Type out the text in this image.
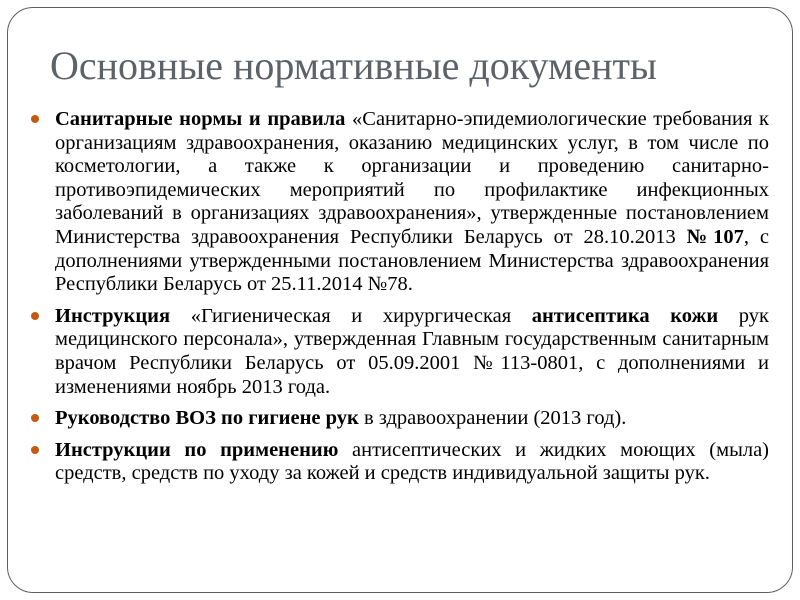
Основные нормативные документы
Санитарные нормы и правила «Санитарно-эпидемиологические требования к организациям здравоохранения, оказанию медицинских услуг, в том числе по косметологии, а также к организации и проведению санитарно-противоэпидемических мероприятий по профилактике инфекционных заболеваний в организациях здравоохранения», утвержденные постановлением Министерства здравоохранения Республики Беларусь от 28.10.2013 №107, с дополнениями утвержденными постановлением Министерства здравоохранения Республики Беларусь от 25.11.2014 №78.
Инструкция «Гигиеническая и хирургическая антисептика кожи рук медицинского персонала», утвержденная Главным государственным санитарным врачом Республики Беларусь от 05.09.2001 №113-0801, с дополнениями и изменениями ноябрь 2013 года.
Руководство ВОЗ по гигиене рук в здравоохранении (2013 год).
Инструкции по применению антисептических и жидких моющих (мыла) средств, средств по уходу за кожей и средств индивидуальной защиты рук.
